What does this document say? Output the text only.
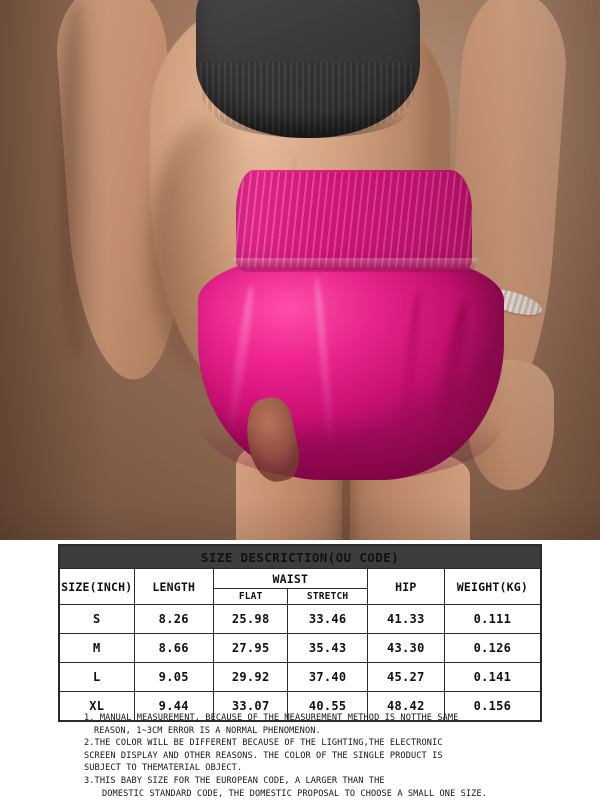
SIZE DESCRICTION(OU CODE)					
SIZE(INCH)	LENGTH	WAIST		HIP	WEIGHT(KG)
		FLAT	STRETCH		
S	8.26	25.98	33.46	41.33	0.111
M	8.66	27.95	35.43	43.30	0.126
L	9.05	29.92	37.40	45.27	0.141
XL	9.44	33.07	40.55	48.42	0.156
1. MANUAL MEASUREMENT, BECAUSE OF THE MEASUREMENT METHOD IS NOTTHE SAME
REASON, 1~3CM ERROR IS A NORMAL PHENOMENON.
2.THE COLOR WILL BE DIFFERENT BECAUSE OF THE LIGHTING,THE ELECTRONIC
SCREEN DISPLAY AND OTHER REASONS. THE COLOR OF THE SINGLE PRODUCT IS
SUBJECT TO THEMATERIAL OBJECT.
3.THIS BABY SIZE FOR THE EUROPEAN CODE, A LARGER THAN THE
DOMESTIC STANDARD CODE, THE DOMESTIC PROPOSAL TO CHOOSE A SMALL ONE SIZE.
